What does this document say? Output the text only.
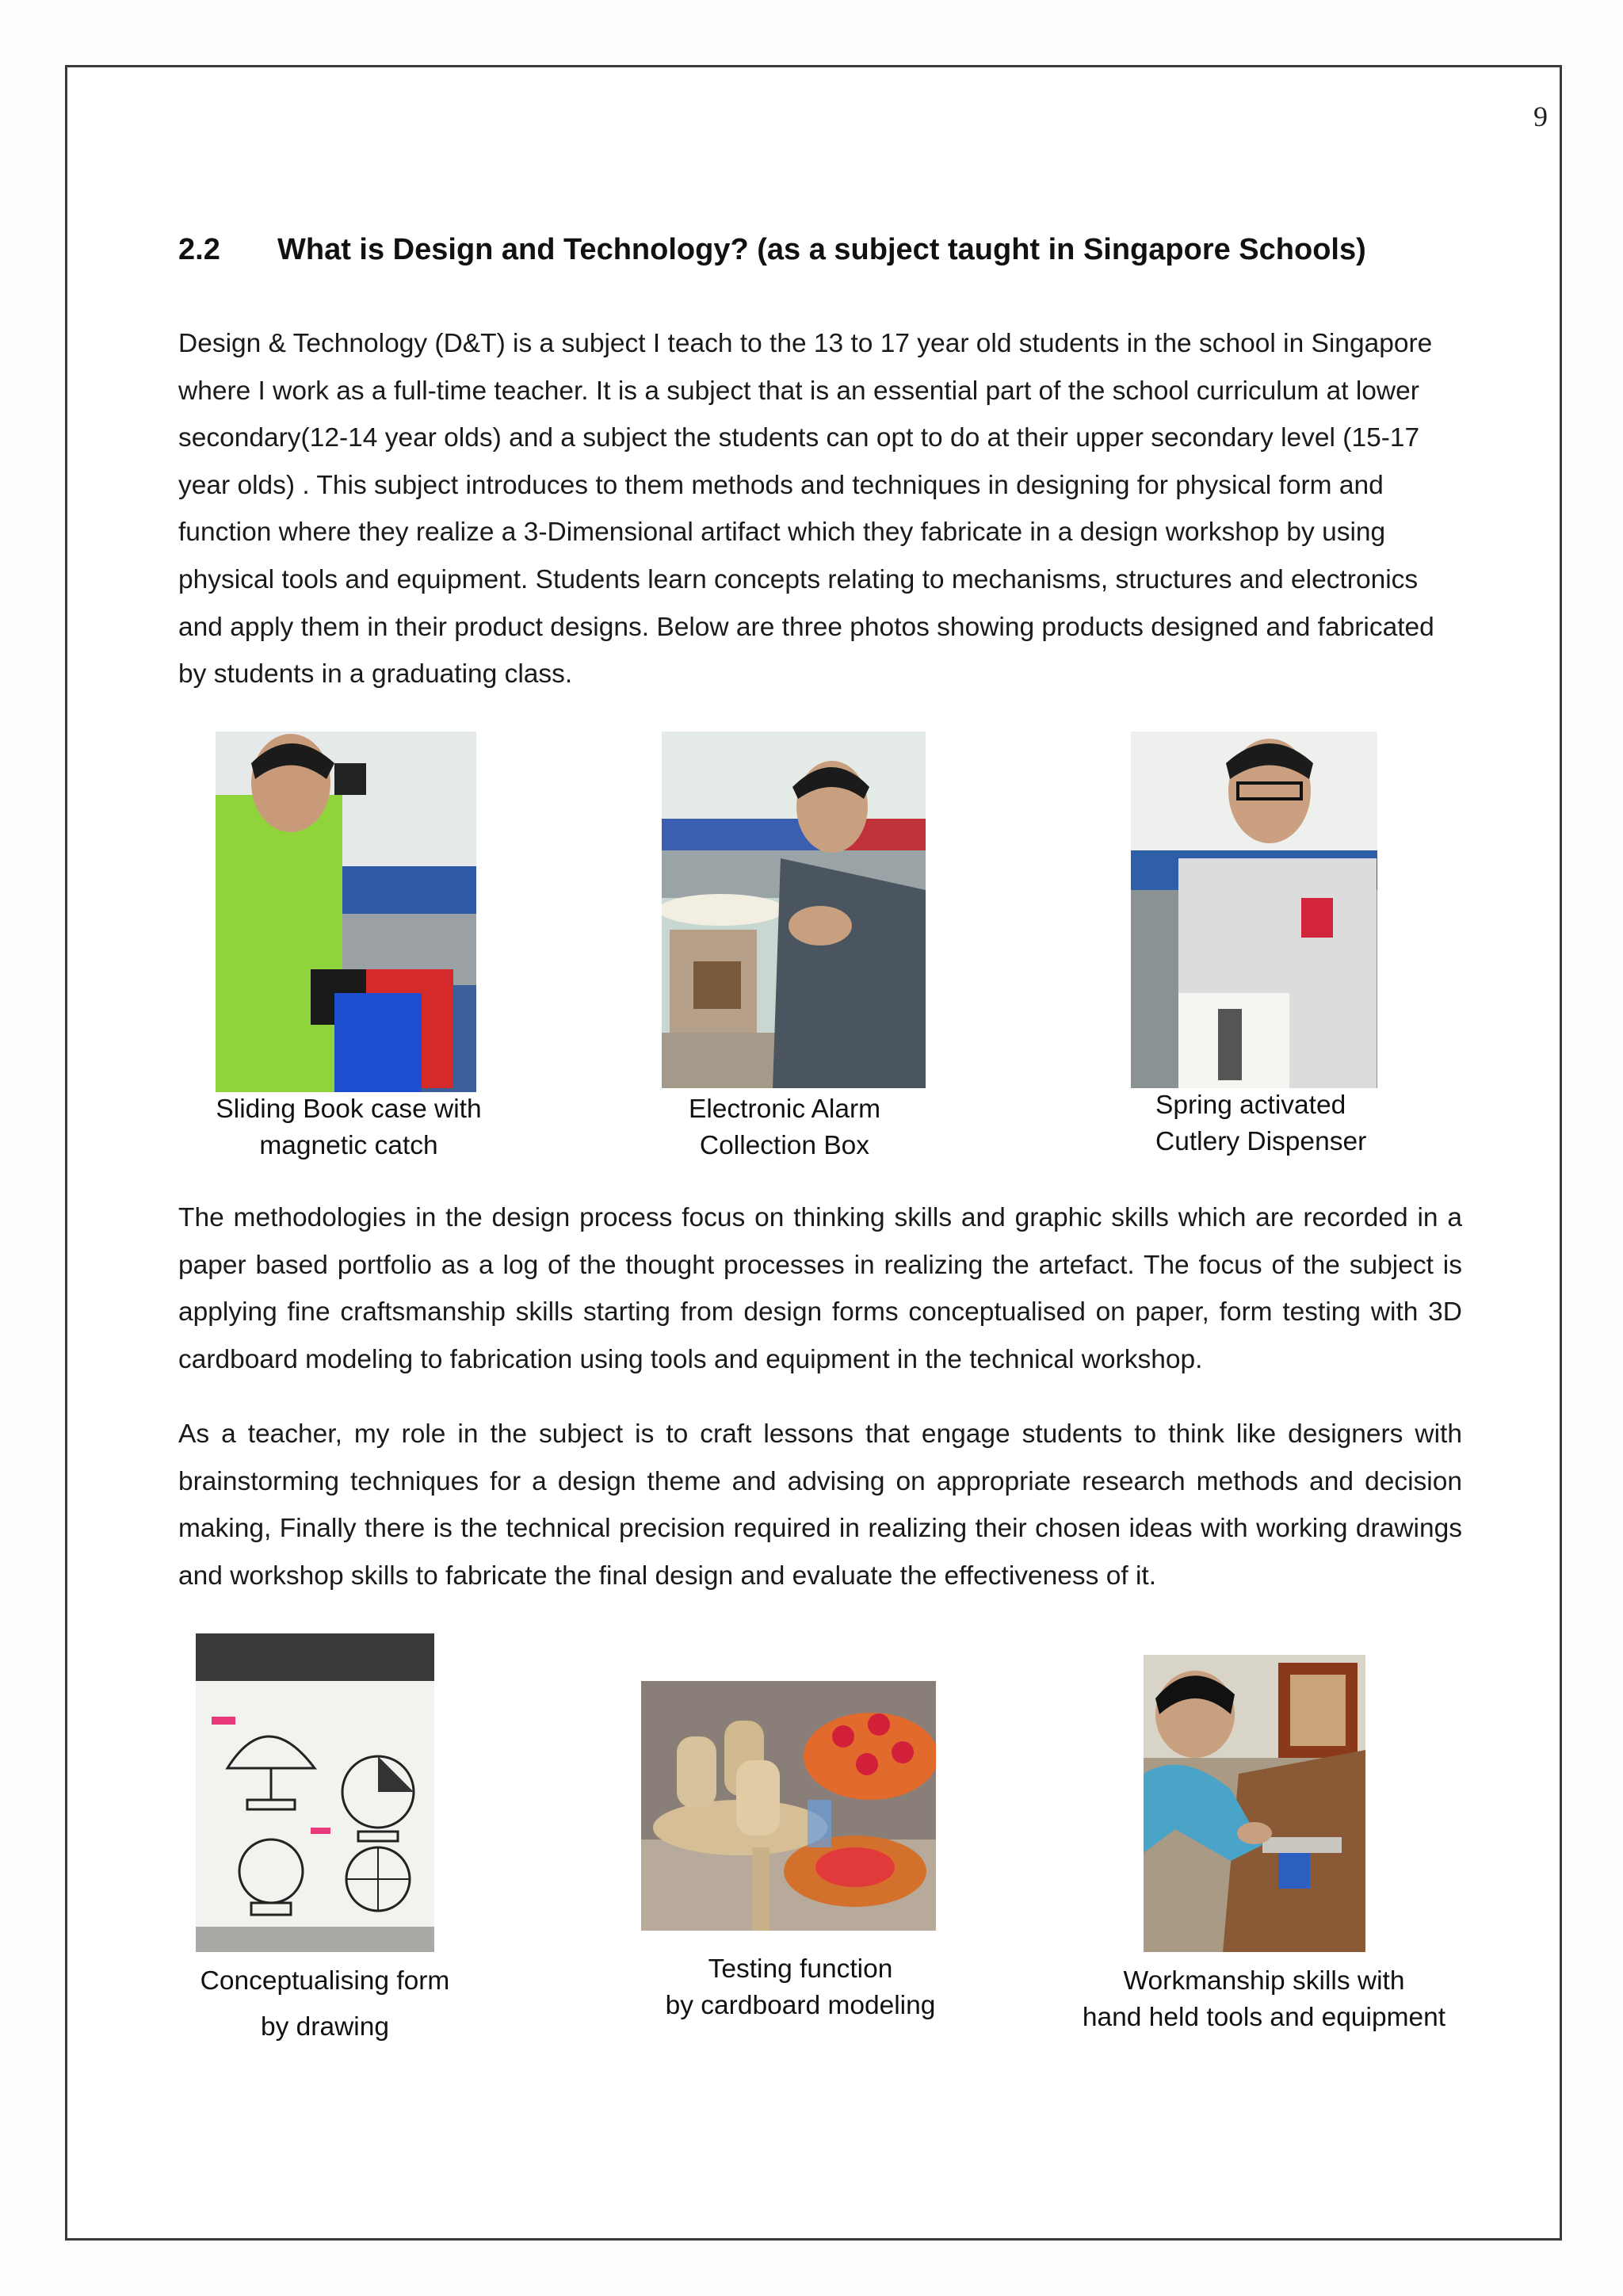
9
2.2 What is Design and Technology? (as a subject taught in Singapore Schools)

Design & Technology (D&T) is a subject I teach to the 13 to 17 year old students in the school in Singapore where I work as a full-time teacher. It is a subject that is an essential part of the school curriculum at lower secondary(12-14 year olds) and a subject the students can opt to do at their upper secondary level (15-17 year olds) . This subject introduces to them methods and techniques in designing for physical form and function where they realize a 3-Dimensional artifact which they fabricate in a design workshop by using physical tools and equipment. Students learn concepts relating to mechanisms, structures and electronics and apply them in their product designs. Below are three photos showing products designed and fabricated by students in a graduating class.

Sliding Book case with
magnetic catch
Electronic Alarm
Collection Box
Spring activated
Cutlery Dispenser

The methodologies in the design process focus on thinking skills and graphic skills which are recorded in a paper based portfolio as a log of the thought processes in realizing the artefact. The focus of the subject is applying fine craftsmanship skills starting from design forms conceptualised on paper, form testing with 3D cardboard modeling to fabrication using tools and equipment in the technical workshop.

As a teacher, my role in the subject is to craft lessons that engage students to think like designers with brainstorming techniques for a design theme and advising on appropriate research methods and decision making, Finally there is the technical precision required in realizing their chosen ideas with working drawings and workshop skills to fabricate the final design and evaluate the effectiveness of it.

Conceptualising form
by drawing
Testing function
by cardboard modeling
Workmanship skills with
hand held tools and equipment
